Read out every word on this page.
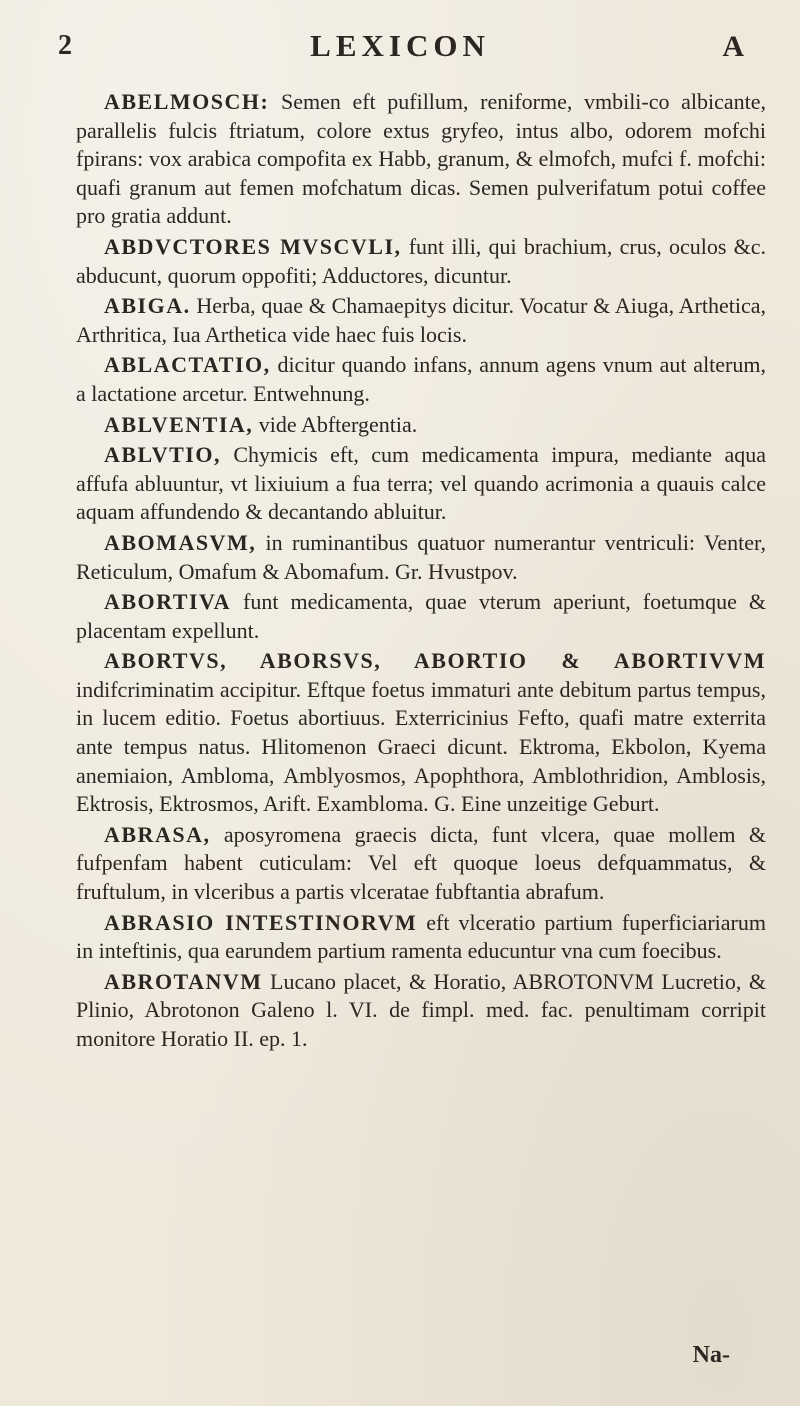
2	LEXICON	A

ABELMOSCH: Semen eft pufillum, reniforme, vmbili-co albicante, parallelis fulcis ftriatum, colore extus gryfeo, intus albo, odorem mofchi fpirans: vox arabica compofita ex Habb, granum, & elmofch, mufci f. mofchi: quafi granum aut femen mofchatum dicas. Semen pulverifatum potui coffee pro gratia addunt.

ABDVCTORES MVSCVLI, funt illi, qui brachium, crus, oculos &c. abducunt, quorum oppofiti; Adductores, dicuntur.

ABIGA. Herba, quae & Chamaepitys dicitur. Vocatur & Aiuga, Arthetica, Arthritica, Iua Arthetica vide haec fuis locis.

ABLACTATIO, dicitur quando infans, annum agens vnum aut alterum, a lactatione arcetur. Entwehnung.

ABLVENTIA, vide Abftergentia.

ABLVTIO, Chymicis eft, cum medicamenta impura, mediante aqua affufa abluuntur, vt lixiuium a fua terra; vel quando acrimonia a quauis calce aquam affundendo & decantando abluitur.

ABOMASVM, in ruminantibus quatuor numerantur ventriculi: Venter, Reticulum, Omafum & Abomafum. Gr. Hvustpov.

ABORTIVA funt medicamenta, quae vterum aperiunt, foetumque & placentam expellunt.

ABORTVS, ABORSVS, ABORTIO & ABORTIVVM indifcriminatim accipitur. Eftque foetus immaturi ante debitum partus tempus, in lucem editio. Foetus abortiuus. Exterricinius Fefto, quafi matre exterrita ante tempus natus. Hlitomenon Graeci dicunt. Ektroma, Ekbolon, Kyema anemiaion, Amblomа, Amblyosmos, Apophthora, Amblothridion, Amblosis, Ektrosis, Ektrosmos, Arift. Exambloma. G. Eine unzeitige Geburt.

ABRASA, aposyromena graecis dicta, funt vlcera, quae mollem & fufpenfam habent cuticulam: Vel eft quoque loeus defquammatus, & fruftulum, in vlceribus a partis vlceratae fubftantia abrafum.

ABRASIO INTESTINORVM eft vlceratio partium fuperficiariarum in inteftinis, qua earundem partium ramenta educuntur vna cum foecibus.

ABROTANVM Lucano placet, & Horatio, ABROTONVM Lucretio, & Plinio, Abrotonon Galeno l. VI. de fimpl. med. fac. penultimam corripit monitore Horatio II. ep. 1.

Na-
